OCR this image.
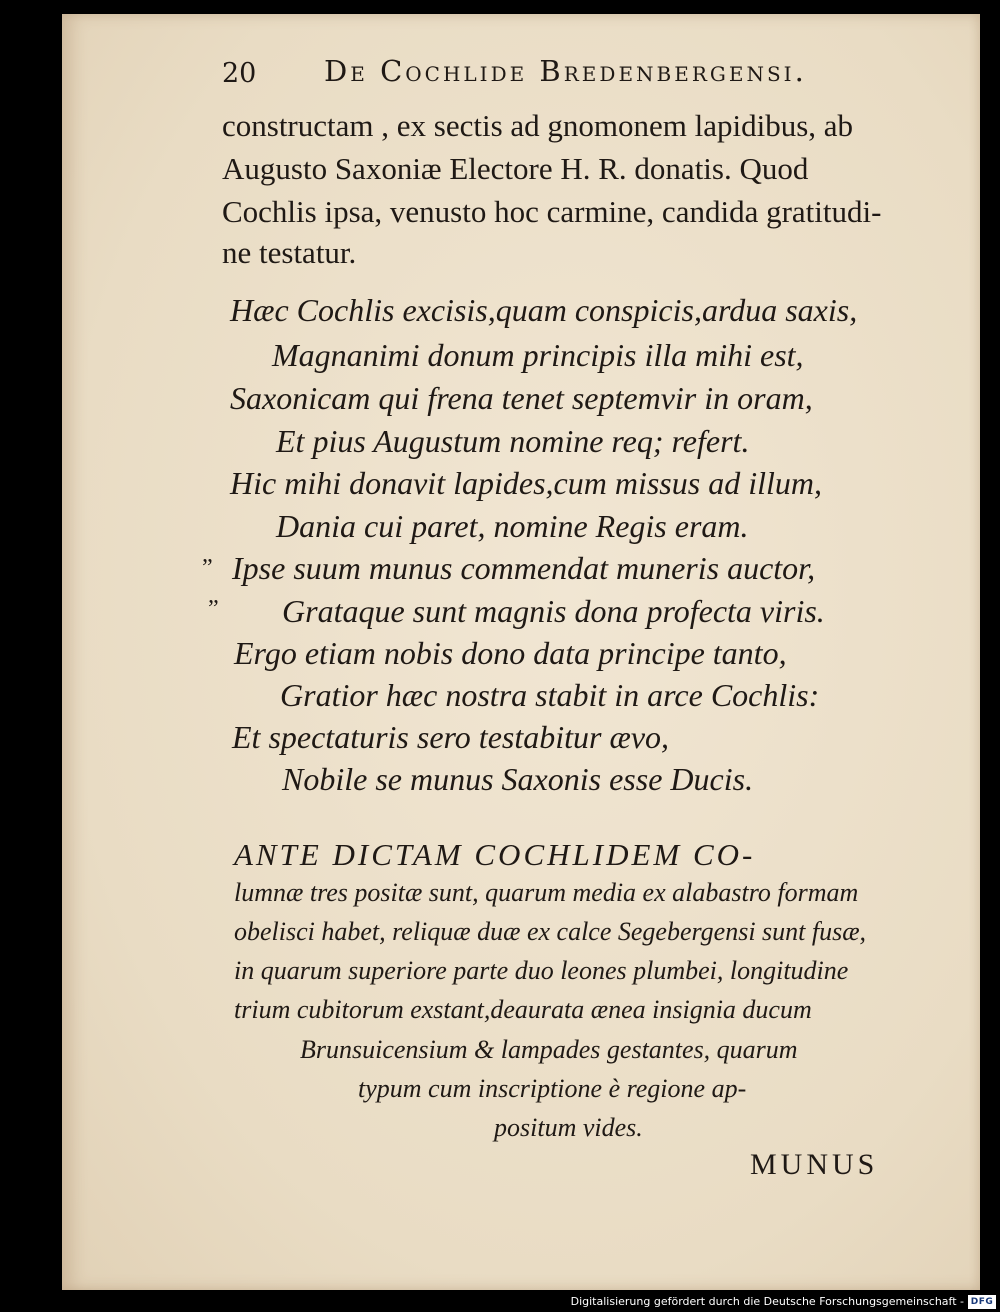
20 De Cochlide Bredenbergensi.
constructam , ex sectis ad gnomonem lapidibus, ab
Augusto Saxoniæ Electore H. R. donatis. Quod
Cochlis ipsa, venusto hoc carmine, candida gratitudi-
ne testatur.
Hæc Cochlis excisis,quam conspicis,ardua saxis,
Magnanimi donum principis illa mihi est,
Saxonicam qui frena tenet septemvir in oram,
Et pius Augustum nomine req; refert.
Hic mihi donavit lapides,cum missus ad illum,
Dania cui paret, nomine Regis eram.
” Ipse suum munus commendat muneris auctor,
” Grataque sunt magnis dona profecta viris.
Ergo etiam nobis dono data principe tanto,
Gratior hæc nostra stabit in arce Cochlis:
Et spectaturis sero testabitur ævo,
Nobile se munus Saxonis esse Ducis.
ANTE DICTAM COCHLIDEM CO-
lumnæ tres positæ sunt, quarum media ex alabastro formam
obelisci habet, reliquæ duæ ex calce Segebergensi sunt fusæ,
in quarum superiore parte duo leones plumbei, longitudine
trium cubitorum exstant,deaurata ænea insignia ducum
Brunsuicensium & lampades gestantes, quarum
typum cum inscriptione è regione ap-
positum vides.
MUNUS
Digitalisierung gefördert durch die Deutsche Forschungsgemeinschaft - DFG
